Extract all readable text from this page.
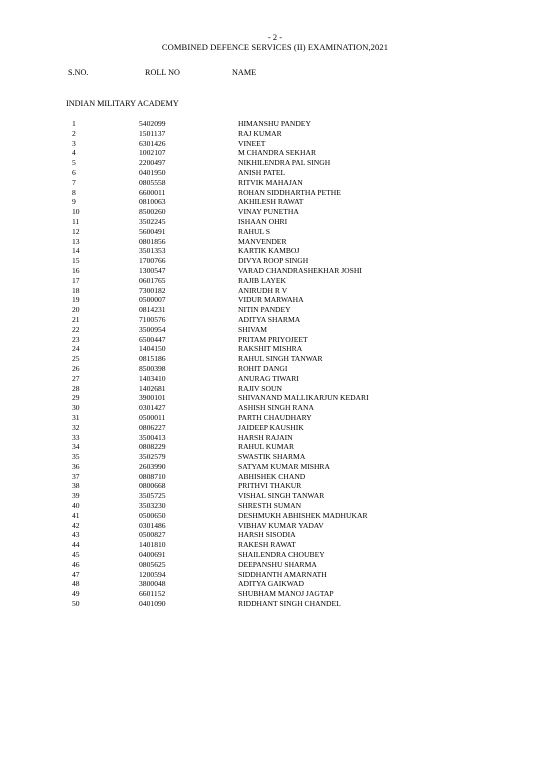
- 2 -
COMBINED DEFENCE SERVICES (II) EXAMINATION,2021
S.NO.	ROLL NO	NAME
INDIAN MILITARY ACADEMY
1	5402099	HIMANSHU PANDEY
2	1501137	RAJ KUMAR
3	6301426	VINEET
4	1002107	M CHANDRA SEKHAR
5	2200497	NIKHILENDRA PAL SINGH
6	0401950	ANISH PATEL
7	0805558	RITVIK MAHAJAN
8	6600011	ROHAN SIDDHARTHA PETHE
9	0810063	AKHILESH RAWAT
10	8500260	VINAY PUNETHA
11	3502245	ISHAAN OHRI
12	5600491	RAHUL S
13	0801856	MANVENDER
14	3501353	KARTIK KAMBOJ
15	1700766	DIVYA ROOP SINGH
16	1300547	VARAD CHANDRASHEKHAR JOSHI
17	0601765	RAJIB LAYEK
18	7300182	ANIRUDH R V
19	0500007	VIDUR MARWAHA
20	0814231	NITIN PANDEY
21	7100576	ADITYA SHARMA
22	3500954	SHIVAM
23	6500447	PRITAM PRIYOJEET
24	1404150	RAKSHIT MISHRA
25	0815186	RAHUL SINGH TANWAR
26	8500398	ROHIT DANGI
27	1403410	ANURAG TIWARI
28	1402681	RAJIV SOUN
29	3900101	SHIVANAND MALLIKARJUN KEDARI
30	0301427	ASHISH SINGH RANA
31	0500011	PARTH CHAUDHARY
32	0806227	JAIDEEP KAUSHIK
33	3500413	HARSH RAJAIN
34	0808229	RAHUL KUMAR
35	3502579	SWASTIK SHARMA
36	2603990	SATYAM KUMAR MISHRA
37	0808710	ABHISHEK CHAND
38	0800668	PRITHVI THAKUR
39	3505725	VISHAL SINGH TANWAR
40	3503230	SHRESTH SUMAN
41	0500650	DESHMUKH ABHISHEK MADHUKAR
42	0301486	VIBHAV KUMAR YADAV
43	0500827	HARSH SISODIA
44	1401810	RAKESH RAWAT
45	0400691	SHAILENDRA CHOUBEY
46	0805625	DEEPANSHU SHARMA
47	1200594	SIDDHANTH AMARNATH
48	3800048	ADITYA GAIKWAD
49	6601152	SHUBHAM MANOJ JAGTAP
50	0401090	RIDDHANT SINGH CHANDEL
